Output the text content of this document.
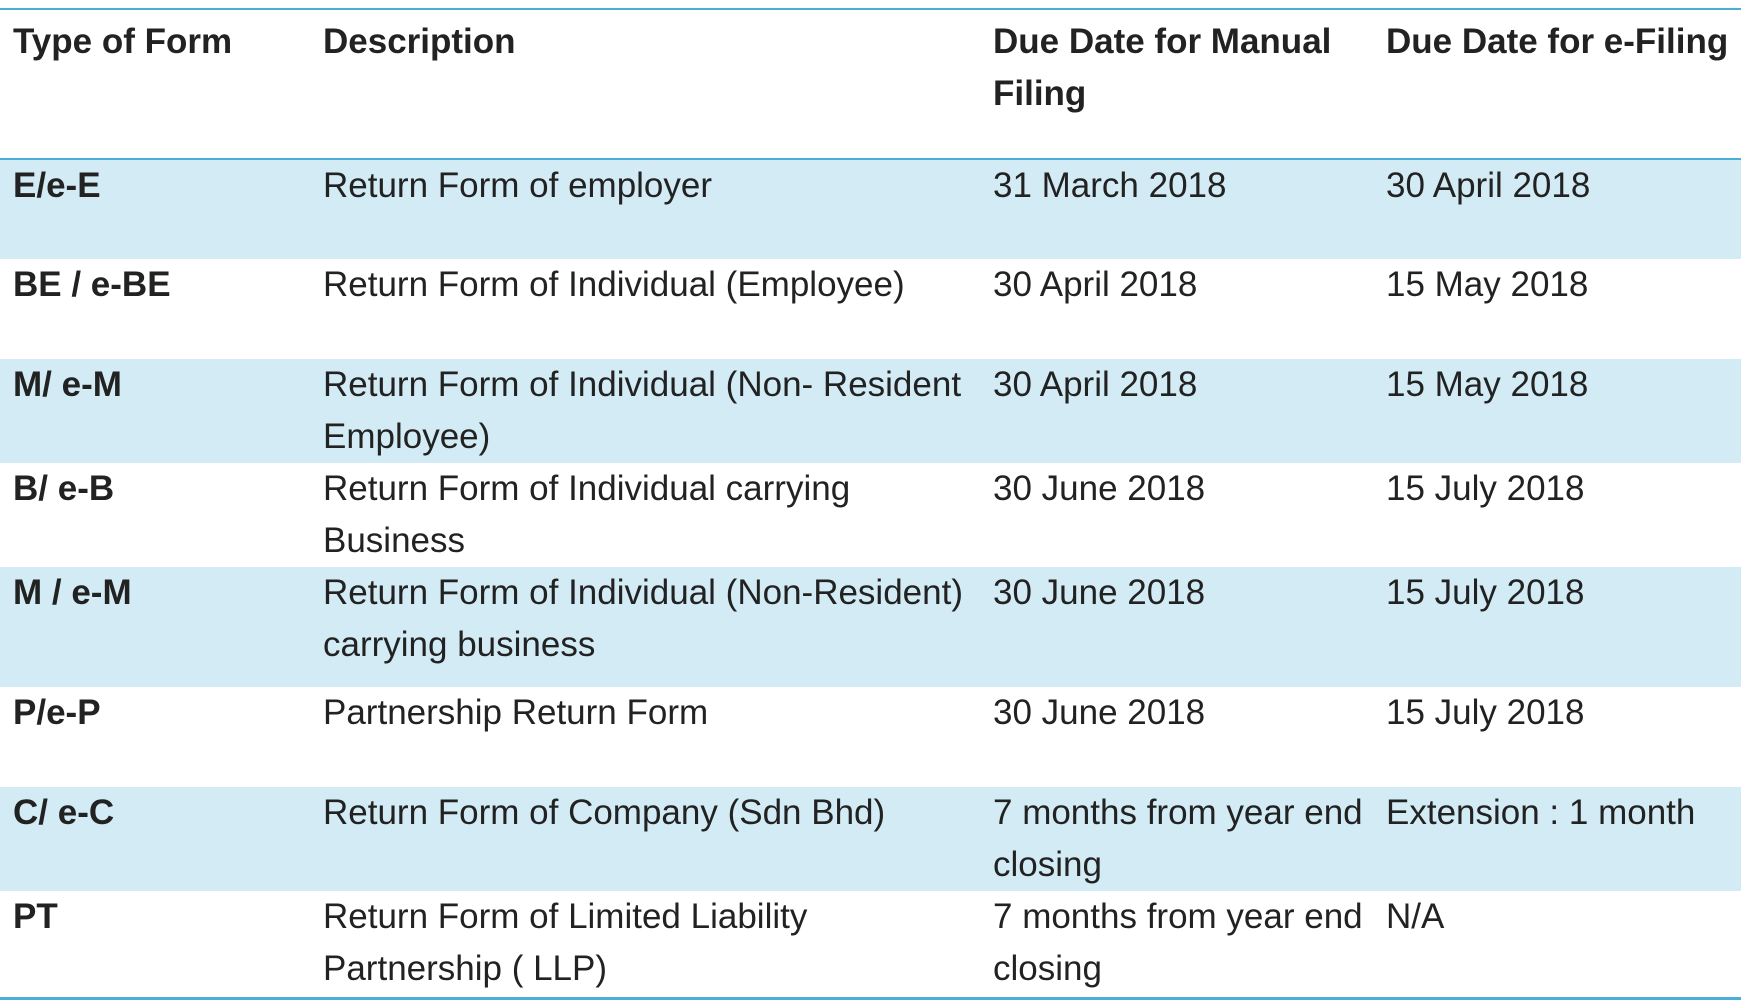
Type of Form	Description	Due Date for Manual Filing	Due Date for e-Filing
E/e-E	Return Form of employer	31 March 2018	30 April 2018
BE / e-BE	Return Form of Individual (Employee)	30 April 2018	15 May 2018
M/ e-M	Return Form of Individual (Non- Resident Employee)	30 April 2018	15 May 2018
B/ e-B	Return Form of Individual carrying Business	30 June 2018	15 July 2018
M / e-M	Return Form of Individual (Non-Resident) carrying business	30 June 2018	15 July 2018
P/e-P	Partnership Return Form	30 June 2018	15 July 2018
C/ e-C	Return Form of Company (Sdn Bhd)	7 months from year end closing	Extension : 1 month
PT	Return Form of Limited Liability Partnership ( LLP)	7 months from year end closing	N/A
